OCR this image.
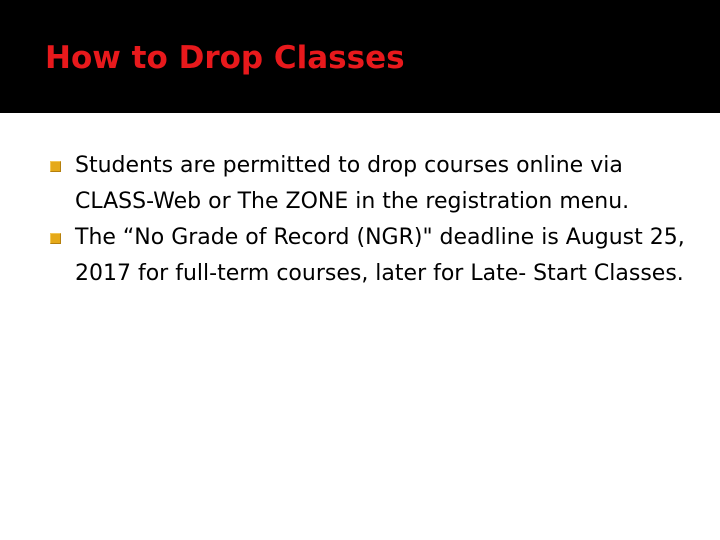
How to Drop Classes
Students are permitted to drop courses online via CLASS-Web or The ZONE in the registration menu.
The “No Grade of Record (NGR)" deadline is August 25, 2017 for full-term courses, later for Late- Start Classes.
